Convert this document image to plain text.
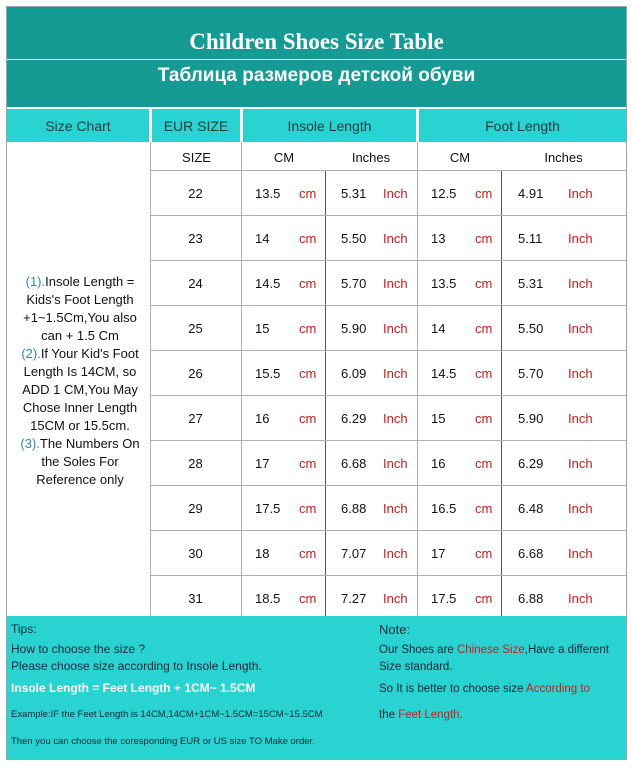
Children Shoes Size Table
Таблица размеров детской обуви
Size Chart	EUR SIZE	Insole Length	Foot Length
SIZE	CM	Inches	CM	Inches
(1).Insole Length = Kids's Foot Length +1~1.5Cm,You also can + 1.5 Cm
(2).If Your Kid's Foot Length Is 14CM, so ADD 1 CM,You May Chose Inner Length 15CM or 15.5cm.
(3).The Numbers On the Soles For Reference only
22	13.5	cm	5.31	Inch	12.5	cm	4.91	Inch
23	14	cm	5.50	Inch	13	cm	5.11	Inch
24	14.5	cm	5.70	Inch	13.5	cm	5.31	Inch
25	15	cm	5.90	Inch	14	cm	5.50	Inch
26	15.5	cm	6.09	Inch	14.5	cm	5.70	Inch
27	16	cm	6.29	Inch	15	cm	5.90	Inch
28	17	cm	6.68	Inch	16	cm	6.29	Inch
29	17.5	cm	6.88	Inch	16.5	cm	6.48	Inch
30	18	cm	7.07	Inch	17	cm	6.68	Inch
31	18.5	cm	7.27	Inch	17.5	cm	6.88	Inch
Tips:
How to choose the size ?
Please choose size according to Insole Length.
Insole Length = Feet Length + 1CM~ 1.5CM
Example:IF the Feet Length is 14CM,14CM+1CM~1.5CM=15CM~15.5CM
Then you can choose the coresponding EUR or US size TO Make order.
Note:
Our Shoes are Chinese Size,Have a different
Size standard.
So It is better to choose size According to
the Feet Length.
